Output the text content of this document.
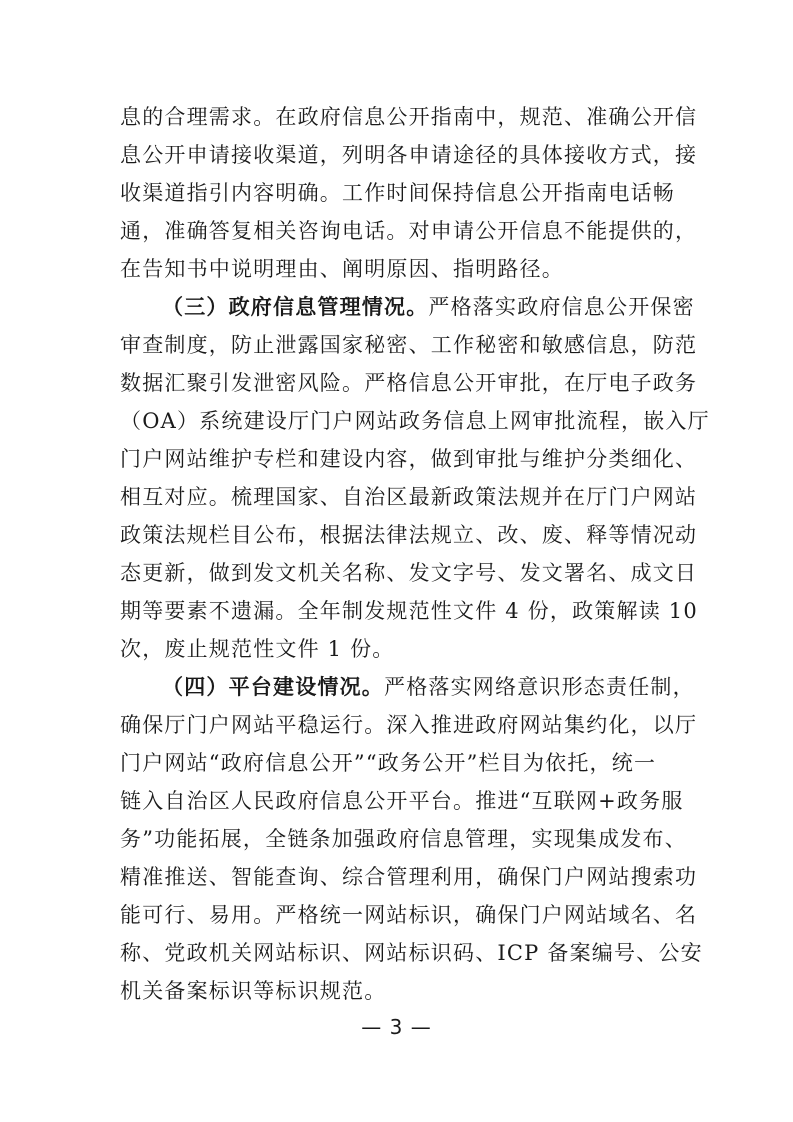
息的合理需求。在政府信息公开指南中，规范、准确公开信
息公开申请接收渠道，列明各申请途径的具体接收方式，接
收渠道指引内容明确。工作时间保持信息公开指南电话畅
通，准确答复相关咨询电话。对申请公开信息不能提供的，
在告知书中说明理由、阐明原因、指明路径。
（三）政府信息管理情况。严格落实政府信息公开保密
审查制度，防止泄露国家秘密、工作秘密和敏感信息，防范
数据汇聚引发泄密风险。严格信息公开审批，在厅电子政务
（OA）系统建设厅门户网站政务信息上网审批流程，嵌入厅
门户网站维护专栏和建设内容，做到审批与维护分类细化、
相互对应。梳理国家、自治区最新政策法规并在厅门户网站
政策法规栏目公布，根据法律法规立、改、废、释等情况动
态更新，做到发文机关名称、发文字号、发文署名、成文日
期等要素不遗漏。全年制发规范性文件 4 份，政策解读 10
次，废止规范性文件 1 份。
（四）平台建设情况。严格落实网络意识形态责任制，
确保厅门户网站平稳运行。深入推进政府网站集约化，以厅
门户网站“政府信息公开”“政务公开”栏目为依托，统一
链入自治区人民政府信息公开平台。推进“互联网+政务服
务”功能拓展，全链条加强政府信息管理，实现集成发布、
精准推送、智能查询、综合管理利用，确保门户网站搜索功
能可行、易用。严格统一网站标识，确保门户网站域名、名
称、党政机关网站标识、网站标识码、ICP 备案编号、公安
机关备案标识等标识规范。
— 3 —
